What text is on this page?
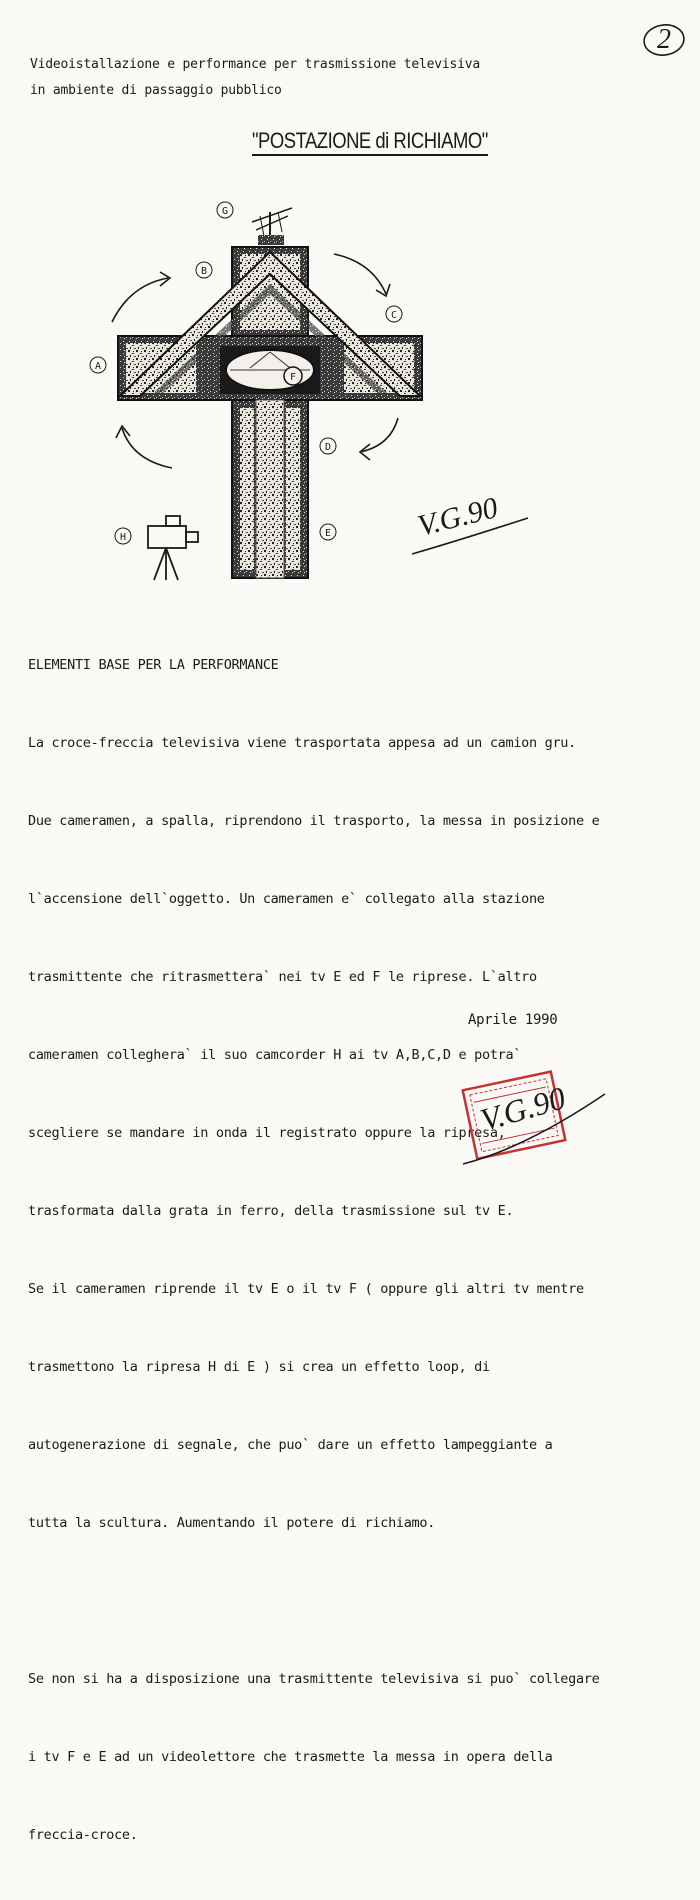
2
Videoistallazione e performance per trasmissione televisiva
in ambiente di passaggio pubblico
"POSTAZIONE di RICHIAMO"
G
B
C
A
F
D
H	E	V.G.90

ELEMENTI BASE PER LA PERFORMANCE

La croce-freccia televisiva viene trasportata appesa ad un camion gru.

Due cameramen, a spalla, riprendono il trasporto, la messa in posizione e

l`accensione dell`oggetto. Un cameramen e` collegato alla stazione

trasmittente che ritrasmettera` nei tv E ed F le riprese. L`altro

cameramen colleghera` il suo camcorder H ai tv A,B,C,D e potra`

scegliere se mandare in onda il registrato oppure la ripresa,

trasformata dalla grata in ferro, della trasmissione sul tv E.

Se il cameramen riprende il tv E o il tv F ( oppure gli altri tv mentre

trasmettono la ripresa H di E ) si crea un effetto loop, di

autogenerazione di segnale, che puo` dare un effetto lampeggiante a

tutta la scultura. Aumentando il potere di richiamo.

Se non si ha a disposizione una trasmittente televisiva si puo` collegare

i tv F e E ad un videolettore che trasmette la messa in opera della

freccia-croce.

Aprile 1990
V.G.90
